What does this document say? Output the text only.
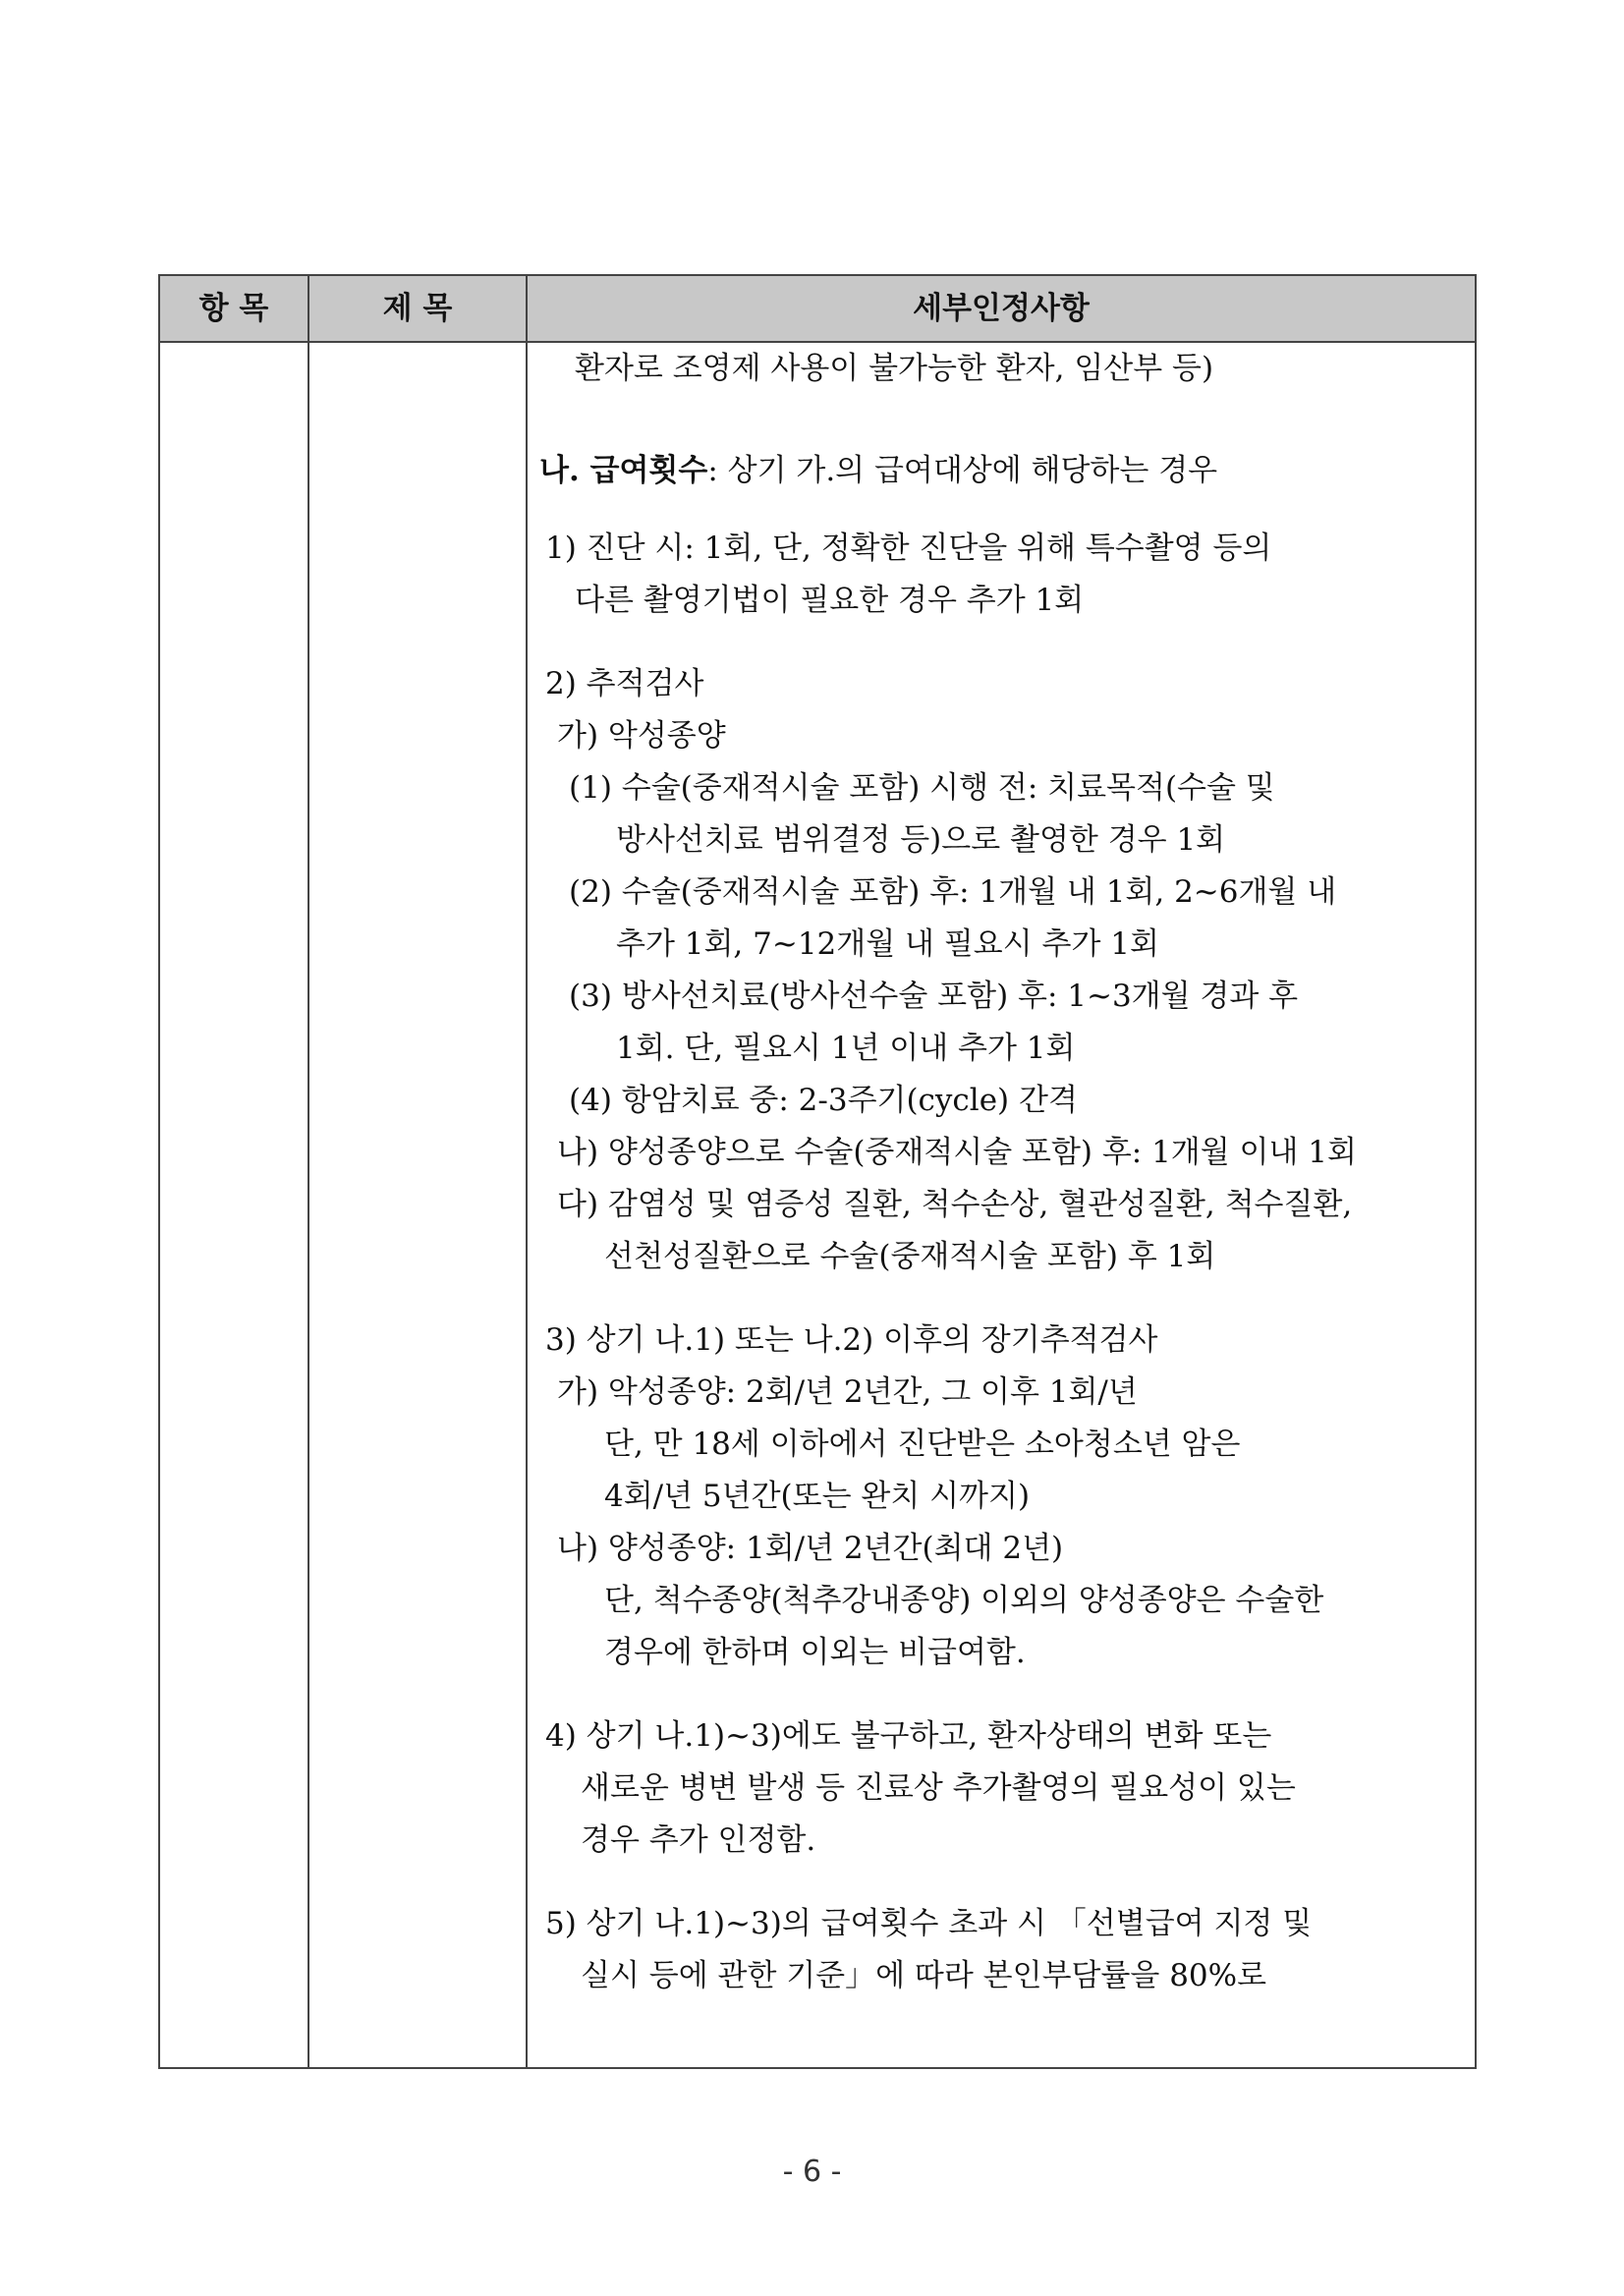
항 목	제 목	세부인정사항
환자로 조영제 사용이 불가능한 환자, 임산부 등)
나. 급여횟수: 상기 가.의 급여대상에 해당하는 경우
1) 진단 시: 1회, 단, 정확한 진단을 위해 특수촬영 등의
다른 촬영기법이 필요한 경우 추가 1회
2) 추적검사
가) 악성종양
(1) 수술(중재적시술 포함) 시행 전: 치료목적(수술 및
방사선치료 범위결정 등)으로 촬영한 경우 1회
(2) 수술(중재적시술 포함) 후: 1개월 내 1회, 2~6개월 내
추가 1회, 7~12개월 내 필요시 추가 1회
(3) 방사선치료(방사선수술 포함) 후: 1~3개월 경과 후
1회. 단, 필요시 1년 이내 추가 1회
(4) 항암치료 중: 2-3주기(cycle) 간격
나) 양성종양으로 수술(중재적시술 포함) 후: 1개월 이내 1회
다) 감염성 및 염증성 질환, 척수손상, 혈관성질환, 척수질환,
선천성질환으로 수술(중재적시술 포함) 후 1회
3) 상기 나.1) 또는 나.2) 이후의 장기추적검사
가) 악성종양: 2회/년 2년간, 그 이후 1회/년
단, 만 18세 이하에서 진단받은 소아청소년 암은
4회/년 5년간(또는 완치 시까지)
나) 양성종양: 1회/년 2년간(최대 2년)
단, 척수종양(척추강내종양) 이외의 양성종양은 수술한
경우에 한하며 이외는 비급여함.
4) 상기 나.1)~3)에도 불구하고, 환자상태의 변화 또는
새로운 병변 발생 등 진료상 추가촬영의 필요성이 있는
경우 추가 인정함.
5) 상기 나.1)~3)의 급여횟수 초과 시 「선별급여 지정 및
실시 등에 관한 기준」에 따라 본인부담률을 80%로
- 6 -
